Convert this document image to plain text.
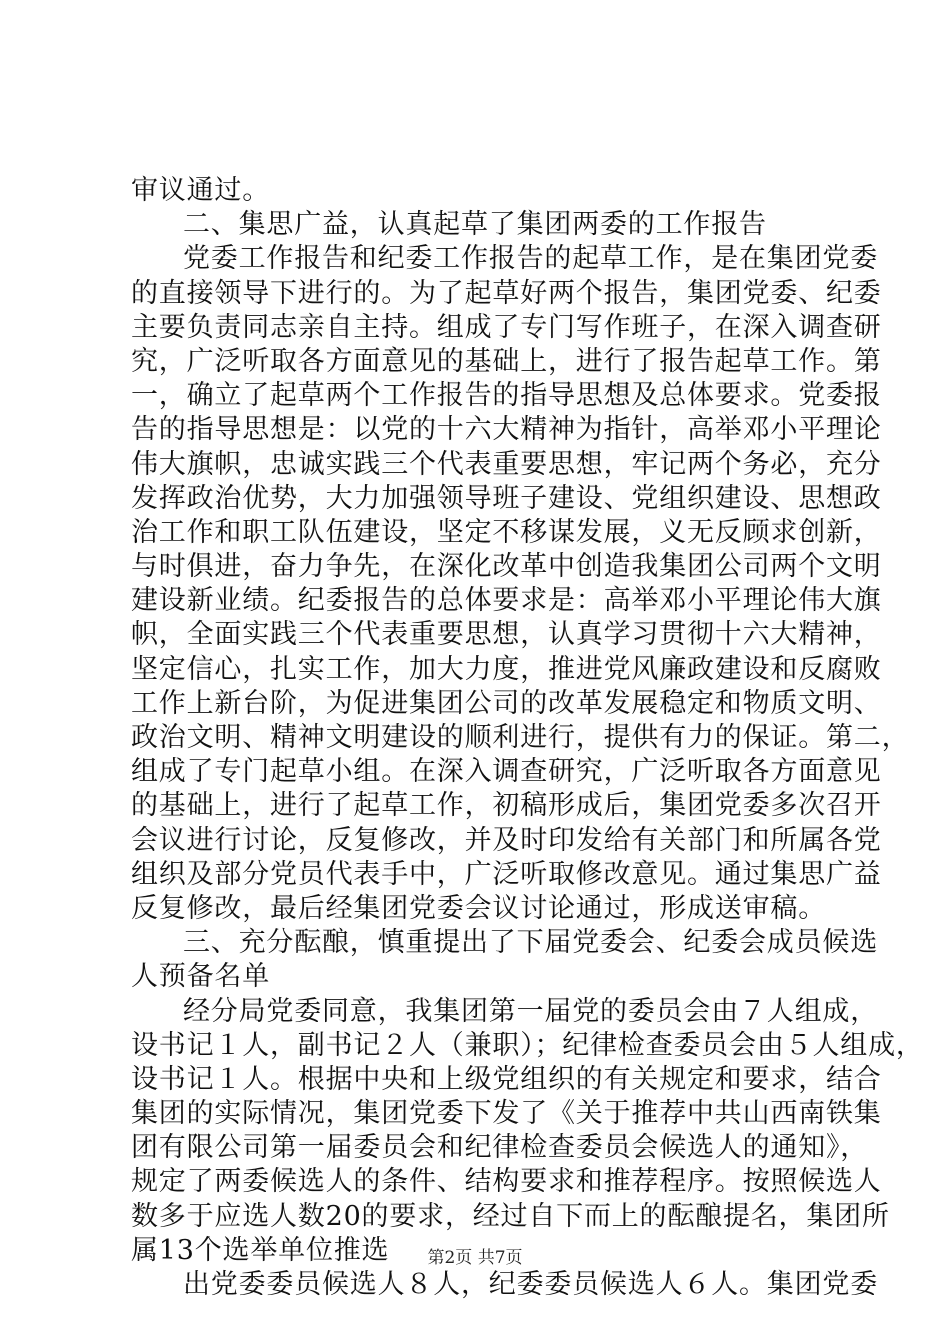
审议通过。
二、集思广益，认真起草了集团两委的工作报告
党委工作报告和纪委工作报告的起草工作，是在集团党委
的直接领导下进行的。为了起草好两个报告，集团党委、纪委
主要负责同志亲自主持。组成了专门写作班子，在深入调查研
究，广泛听取各方面意见的基础上，进行了报告起草工作。第
一，确立了起草两个工作报告的指导思想及总体要求。党委报
告的指导思想是：以党的十六大精神为指针，高举邓小平理论
伟大旗帜，忠诚实践三个代表重要思想，牢记两个务必，充分
发挥政治优势，大力加强领导班子建设、党组织建设、思想政
治工作和职工队伍建设，坚定不移谋发展，义无反顾求创新，
与时俱进，奋力争先，在深化改革中创造我集团公司两个文明
建设新业绩。纪委报告的总体要求是：高举邓小平理论伟大旗
帜，全面实践三个代表重要思想，认真学习贯彻十六大精神，
坚定信心，扎实工作，加大力度，推进党风廉政建设和反腐败
工作上新台阶，为促进集团公司的改革发展稳定和物质文明、
政治文明、精神文明建设的顺利进行，提供有力的保证。第二，
组成了专门起草小组。在深入调查研究，广泛听取各方面意见
的基础上，进行了起草工作，初稿形成后，集团党委多次召开
会议进行讨论，反复修改，并及时印发给有关部门和所属各党
组织及部分党员代表手中，广泛听取修改意见。通过集思广益
反复修改，最后经集团党委会议讨论通过，形成送审稿。
三、充分酝酿，慎重提出了下届党委会、纪委会成员候选
人预备名单
经分局党委同意，我集团第一届党的委员会由７人组成，
设书记１人，副书记２人（兼职）；纪律检查委员会由５人组成，
设书记１人。根据中央和上级党组织的有关规定和要求，结合
集团的实际情况，集团党委下发了《关于推荐中共山西南铁集
团有限公司第一届委员会和纪律检查委员会候选人的通知》，
规定了两委候选人的条件、结构要求和推荐程序。按照候选人
数多于应选人数20的要求，经过自下而上的酝酿提名，集团所
属13个选举单位推选
出党委委员候选人８人，纪委委员候选人６人。集团党委
第2页 共7页
